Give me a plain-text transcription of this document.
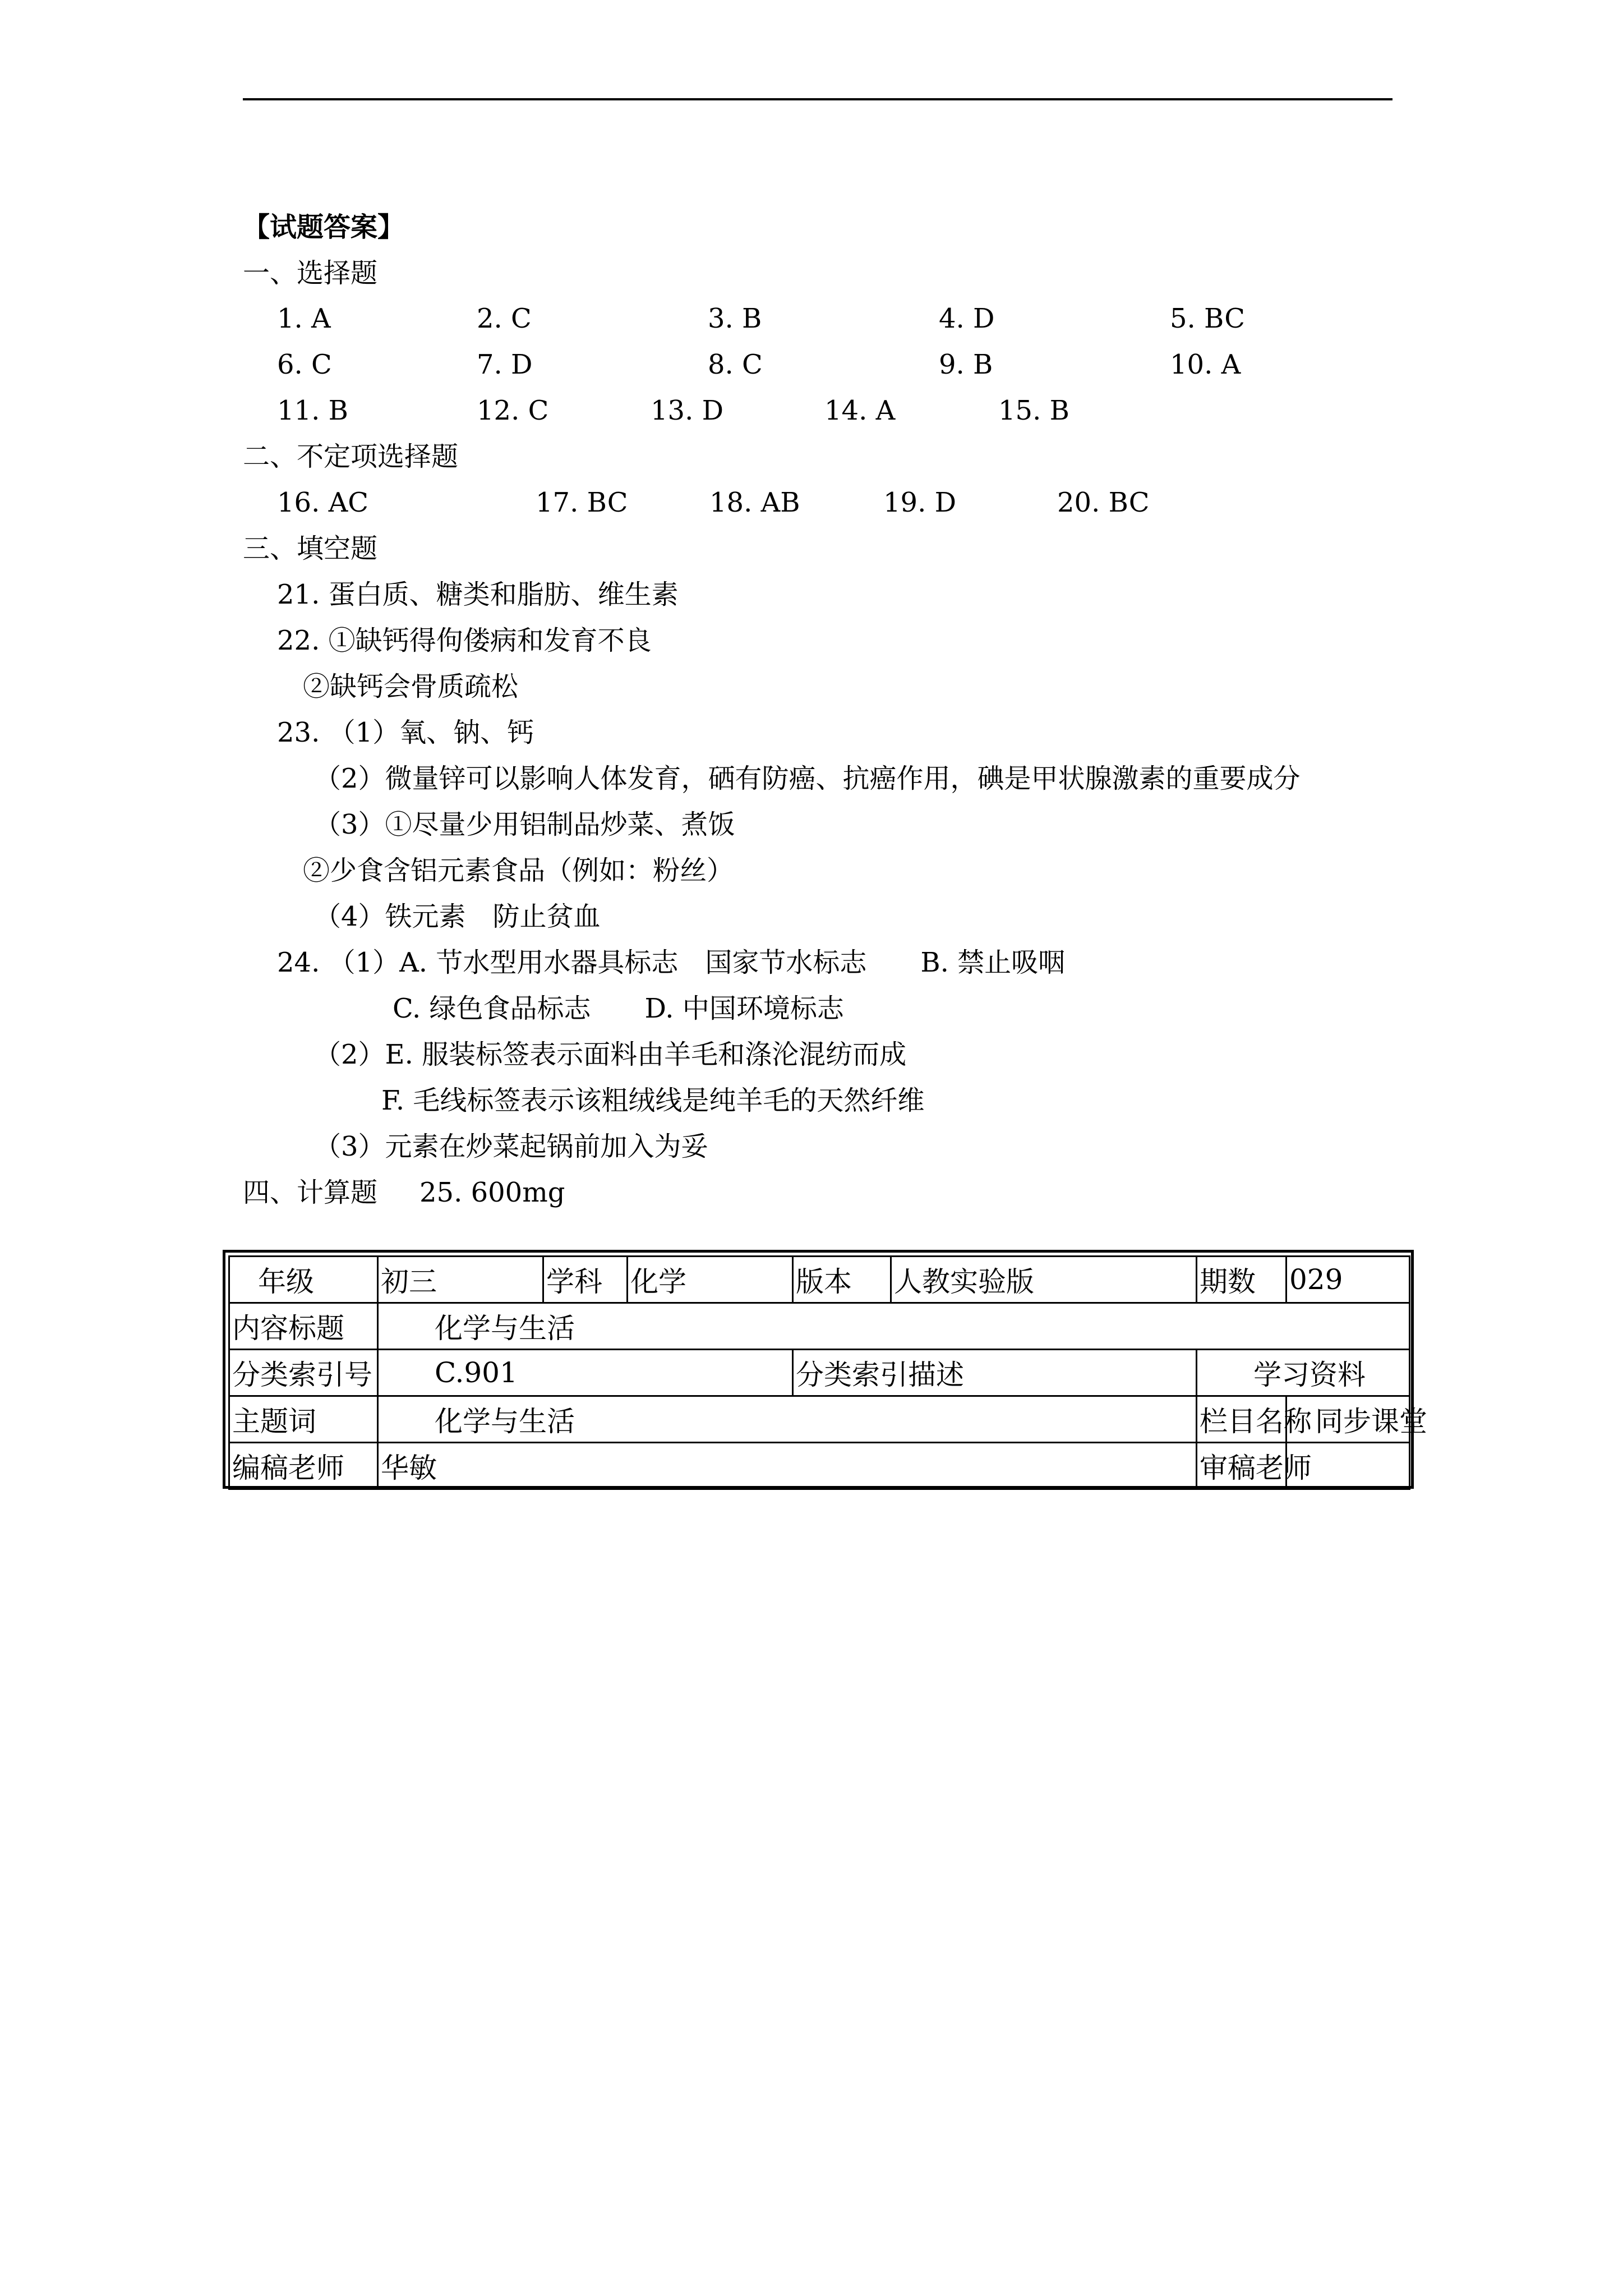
【试题答案】
一、选择题
1. A	2. C	3. B	4. D	5. BC
6. C	7. D	8. C	9. B	10. A
11. B	12. C	13. D	14. A	15. B
二、不定项选择题
16. AC	17. BC	18. AB	19. D	20. BC
三、填空题
21. 蛋白质、糖类和脂肪、维生素
22. ①缺钙得佝偻病和发育不良
②缺钙会骨质疏松
23. （1）氧、钠、钙
（2）微量锌可以影响人体发育，硒有防癌、抗癌作用，碘是甲状腺激素的重要成分
（3）①尽量少用铝制品炒菜、煮饭
②少食含铝元素食品（例如：粉丝）
（4）铁元素　防止贫血
24. （1）A. 节水型用水器具标志　国家节水标志　　B. 禁止吸咽
C. 绿色食品标志　　D. 中国环境标志
（2）E. 服装标签表示面料由羊毛和涤沦混纺而成
F. 毛线标签表示该粗绒线是纯羊毛的天然纤维
（3）元素在炒菜起锅前加入为妥
四、计算题 25. 600mg
年级	初三	学科	化学	版本	人教实验版	期数	029
内容标题	化学与生活						
分类索引号	C.901			分类索引描述		学习资料	
主题词	化学与生活					栏目名称	同步课堂
编稿老师	华敏					审稿老师	
